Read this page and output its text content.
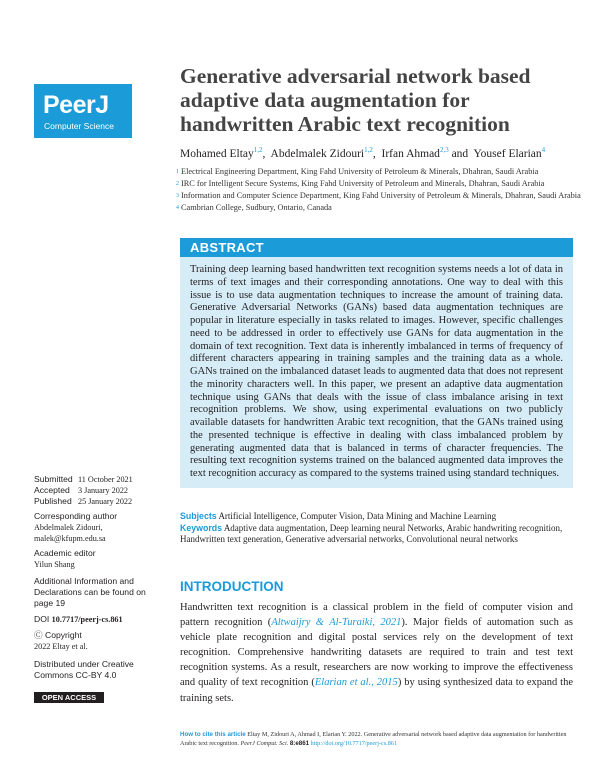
PeerJ
Computer Science
Generative adversarial network based
adaptive data augmentation for
handwritten Arabic text recognition
Mohamed Eltay$^{1,2}$,  Abdelmalek Zidouri$^{1,2}$,  Irfan Ahmad$^{2,3}$ and  Yousef Elarian$^4$
1 Electrical Engineering Department, King Fahd University of Petroleum & Minerals, Dhahran, Saudi Arabia
2 IRC for Intelligent Secure Systems, King Fahd University of Petroleum and Minerals, Dhahran, Saudi Arabia
3 Information and Computer Science Department, King Fahd University of Petroleum & Minerals, Dhahran, Saudi Arabia
4 Cambrian College, Sudbury, Ontario, Canada
ABSTRACT
Training deep learning based handwritten text recognition systems needs a lot of data in terms of text images and their corresponding annotations. One way to deal with this issue is to use data augmentation techniques to increase the amount of training data. Generative Adversarial Networks (GANs) based data augmentation techniques are popular in literature especially in tasks related to images. However, specific challenges need to be addressed in order to effectively use GANs for data augmentation in the domain of text recognition. Text data is inherently imbalanced in terms of frequency of different characters appearing in training samples and the training data as a whole. GANs trained on the imbalanced dataset leads to augmented data that does not represent the minority characters well. In this paper, we present an adaptive data augmentation technique using GANs that deals with the issue of class imbalance arising in text recognition problems. We show, using experimental evaluations on two publicly available datasets for handwritten Arabic text recognition, that the GANs trained using the presented technique is effective in dealing with class imbalanced problem by generating augmented data that is balanced in terms of character frequencies. The resulting text recognition systems trained on the balanced augmented data improves the text recognition accuracy as compared to the systems trained using standard techniques.
Submitted 11 October 2021
Accepted 3 January 2022
Published 25 January 2022
Corresponding author
Abdelmalek Zidouri,
malek@kfupm.edu.sa
Academic editor
Yilun Shang
Additional Information and Declarations can be found on page 19
DOI 10.7717/peerj-cs.861
Ⓒ Copyright
2022 Eltay et al.
Distributed under Creative Commons CC-BY 4.0
OPEN ACCESS
Subjects Artificial Intelligence, Computer Vision, Data Mining and Machine Learning
Keywords Adaptive data augmentation, Deep learning neural Networks, Arabic handwriting recognition, Handwritten text generation, Generative adversarial networks, Convolutional neural networks
INTRODUCTION
Handwritten text recognition is a classical problem in the field of computer vision and pattern recognition (Altwaijry & Al-Turaiki, 2021). Major fields of automation such as vehicle plate recognition and digital postal services rely on the development of text recognition. Comprehensive handwriting datasets are required to train and test text recognition systems. As a result, researchers are now working to improve the effectiveness and quality of text recognition (Elarian et al., 2015) by using synthesized data to expand the training sets.
How to cite this article Eltay M, Zidouri A, Ahmad I, Elarian Y. 2022. Generative adversarial network based adaptive data augmentation for handwritten Arabic text recognition. PeerJ Comput. Sci. 8:e861 http://doi.org/10.7717/peerj-cs.861
